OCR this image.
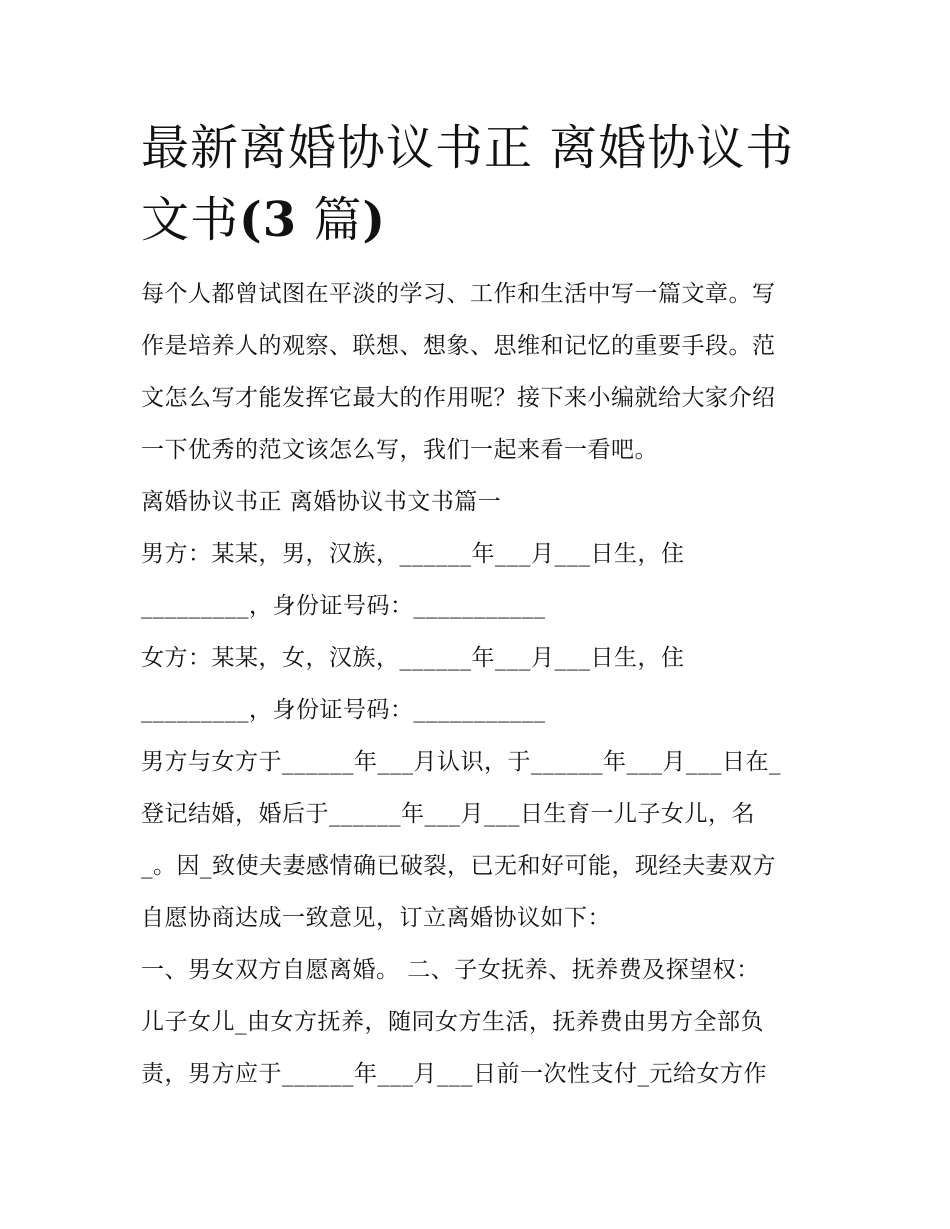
最新离婚协议书正 离婚协议书
文书(3 篇)

每个人都曾试图在平淡的学习、工作和生活中写一篇文章。写

作是培养人的观察、联想、想象、思维和记忆的重要手段。范

文怎么写才能发挥它最大的作用呢？接下来小编就给大家介绍

一下优秀的范文该怎么写，我们一起来看一看吧。

离婚协议书正 离婚协议书文书篇一

男方：某某，男，汉族，______年___月___日生，住

_________，身份证号码：___________

女方：某某，女，汉族，______年___月___日生，住

_________，身份证号码：___________

男方与女方于______年___月认识，于______年___月___日在_

登记结婚，婚后于______年___月___日生育一儿子女儿，名

_。因_致使夫妻感情确已破裂，已无和好可能，现经夫妻双方

自愿协商达成一致意见，订立离婚协议如下：

一、男女双方自愿离婚。 二、子女抚养、抚养费及探望权：

儿子女儿_由女方抚养，随同女方生活，抚养费由男方全部负

责，男方应于______年___月___日前一次性支付_元给女方作
